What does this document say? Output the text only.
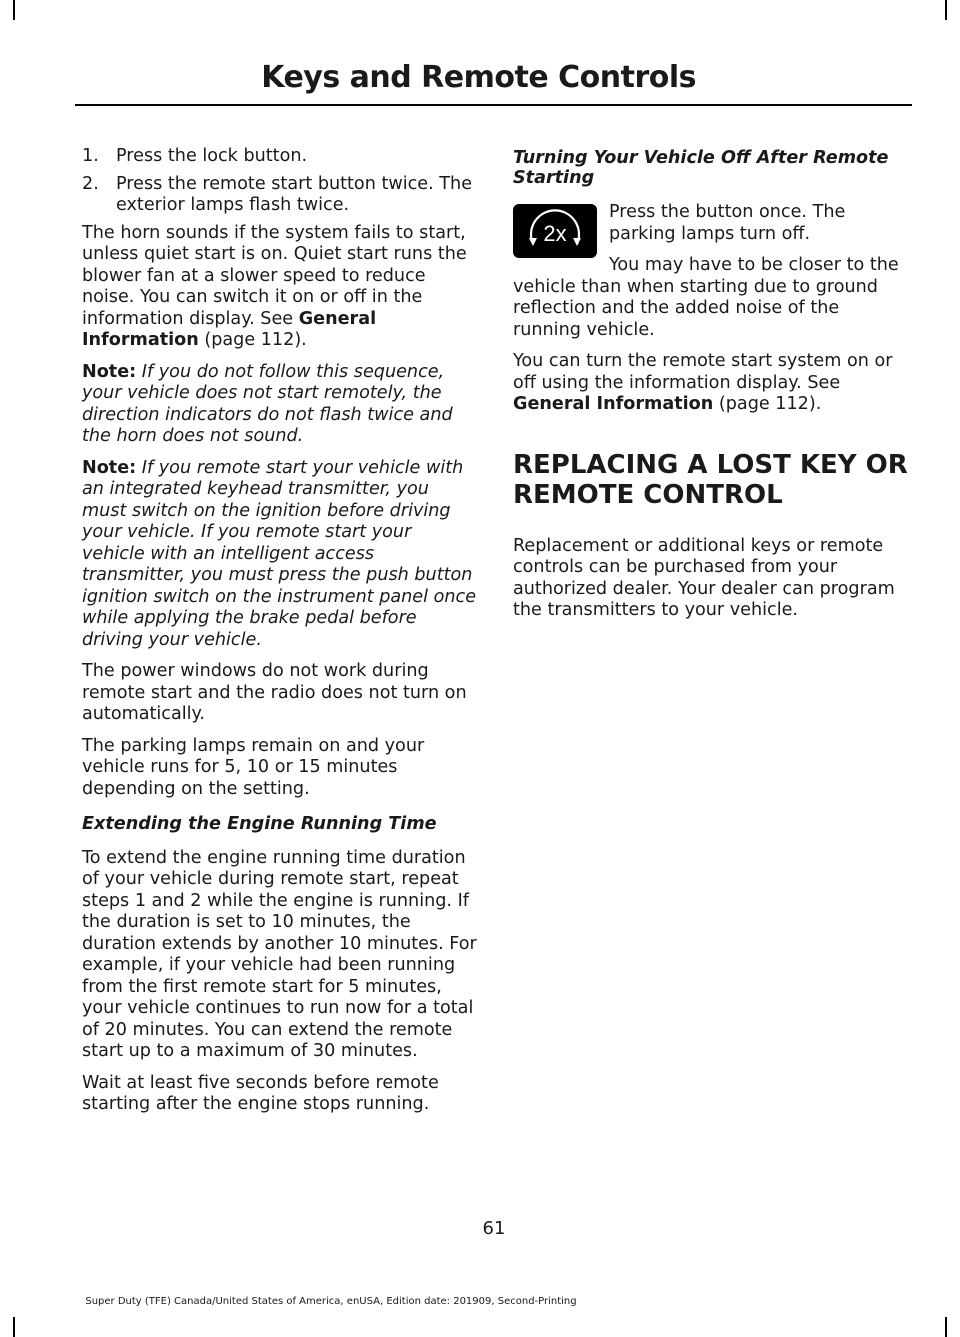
Keys and Remote Controls
1. Press the lock button.
2. Press the remote start button twice. The exterior lamps flash twice.

The horn sounds if the system fails to start, unless quiet start is on. Quiet start runs the blower fan at a slower speed to reduce noise. You can switch it on or off in the information display. See General Information (page 112).

Note: If you do not follow this sequence, your vehicle does not start remotely, the direction indicators do not flash twice and the horn does not sound.

Note: If you remote start your vehicle with an integrated keyhead transmitter, you must switch on the ignition before driving your vehicle. If you remote start your vehicle with an intelligent access transmitter, you must press the push button ignition switch on the instrument panel once while applying the brake pedal before driving your vehicle.

The power windows do not work during remote start and the radio does not turn on automatically.

The parking lamps remain on and your vehicle runs for 5, 10 or 15 minutes depending on the setting.

Extending the Engine Running Time

To extend the engine running time duration of your vehicle during remote start, repeat steps 1 and 2 while the engine is running. If the duration is set to 10 minutes, the duration extends by another 10 minutes. For example, if your vehicle had been running from the first remote start for 5 minutes, your vehicle continues to run now for a total of 20 minutes. You can extend the remote start up to a maximum of 30 minutes.

Wait at least five seconds before remote starting after the engine stops running.

Turning Your Vehicle Off After Remote Starting

2x

Press the button once. The parking lamps turn off.

You may have to be closer to the vehicle than when starting due to ground reflection and the added noise of the running vehicle.

You can turn the remote start system on or off using the information display. See General Information (page 112).

REPLACING A LOST KEY OR
REMOTE CONTROL

Replacement or additional keys or remote controls can be purchased from your authorized dealer. Your dealer can program the transmitters to your vehicle.

61
Super Duty (TFE) Canada/United States of America, enUSA, Edition date: 201909, Second-Printing
